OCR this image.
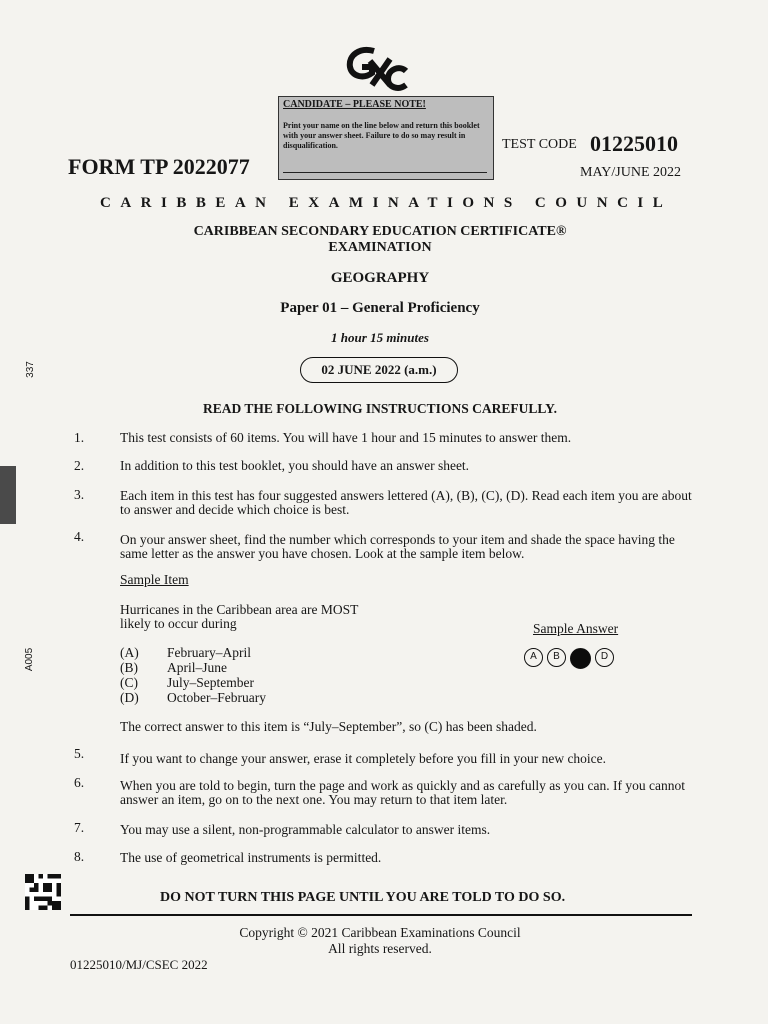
CANDIDATE – PLEASE NOTE!
Print your name on the line below and return this booklet with your answer sheet. Failure to do so may result in disqualification.
FORM TP 2022077
TEST CODE 01225010
MAY/JUNE 2022
CARIBBEAN EXAMINATIONS COUNCIL
CARIBBEAN SECONDARY EDUCATION CERTIFICATE® EXAMINATION
GEOGRAPHY
Paper 01 – General Proficiency
1 hour 15 minutes
02 JUNE 2022 (a.m.)
READ THE FOLLOWING INSTRUCTIONS CAREFULLY.
1.	This test consists of 60 items. You will have 1 hour and 15 minutes to answer them.
2.	In addition to this test booklet, you should have an answer sheet.
3.	Each item in this test has four suggested answers lettered (A), (B), (C), (D). Read each item you are about to answer and decide which choice is best.
4.	On your answer sheet, find the number which corresponds to your item and shade the space having the same letter as the answer you have chosen. Look at the sample item below.
Sample Item
Hurricanes in the Caribbean area are MOST likely to occur during
(A) February–April
(B) April–June
(C) July–September
(D) October–February
Sample Answer
A	B	D
The correct answer to this item is “July–September”, so (C) has been shaded.
5.	If you want to change your answer, erase it completely before you fill in your new choice.
6.	When you are told to begin, turn the page and work as quickly and as carefully as you can. If you cannot answer an item, go on to the next one. You may return to that item later.
7.	You may use a silent, non-programmable calculator to answer items.
8.	The use of geometrical instruments is permitted.
DO NOT TURN THIS PAGE UNTIL YOU ARE TOLD TO DO SO.
Copyright © 2021 Caribbean Examinations Council
All rights reserved.
01225010/MJ/CSEC 2022
337
A005
